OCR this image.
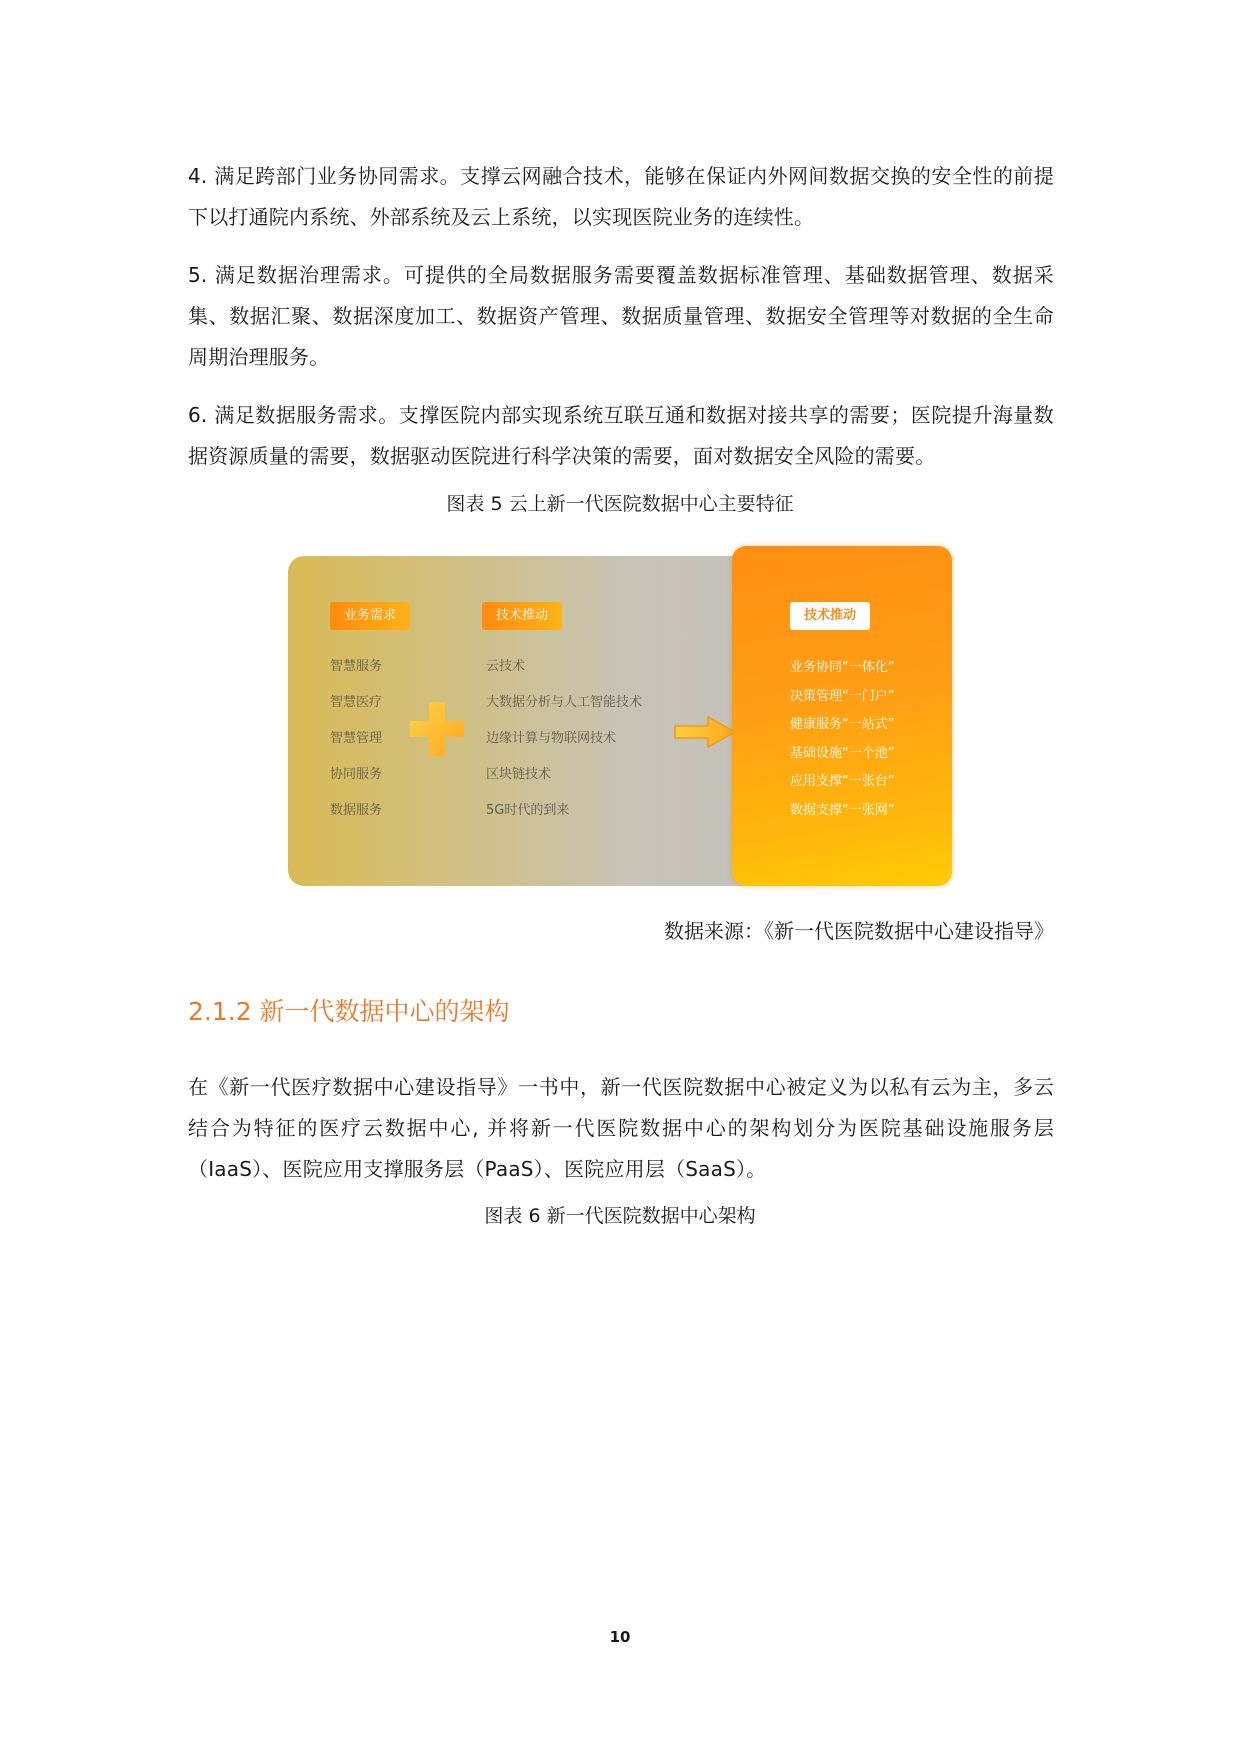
4. 满足跨部门业务协同需求。支撑云网融合技术，能够在保证内外网间数据交换的安全性的前提下以打通院内系统、外部系统及云上系统，以实现医院业务的连续性。

5. 满足数据治理需求。可提供的全局数据服务需要覆盖数据标准管理、基础数据管理、数据采集、数据汇聚、数据深度加工、数据资产管理、数据质量管理、数据安全管理等对数据的全生命周期治理服务。

6. 满足数据服务需求。支撑医院内部实现系统互联互通和数据对接共享的需要；医院提升海量数据资源质量的需要，数据驱动医院进行科学决策的需要，面对数据安全风险的需要。

图表 5 云上新一代医院数据中心主要特征

业务需求
智慧服务
智慧医疗
智慧管理
协同服务
数据服务
技术推动
云技术
大数据分析与人工智能技术
边缘计算与物联网技术
区块链技术
5G时代的到来
技术推动
业务协同“一体化”
决策管理“一门户”
健康服务“一站式”
基础设施“一个池”
应用支撑“一张台”
数据支撑“一张网”

数据来源：《新一代医院数据中心建设指导》

2.1.2 新一代数据中心的架构

在《新一代医疗数据中心建设指导》一书中，新一代医院数据中心被定义为以私有云为主，多云结合为特征的医疗云数据中心, 并将新一代医院数据中心的架构划分为医院基础设施服务层（IaaS）、医院应用支撑服务层（PaaS）、医院应用层（SaaS）。

图表 6 新一代医院数据中心架构

10
